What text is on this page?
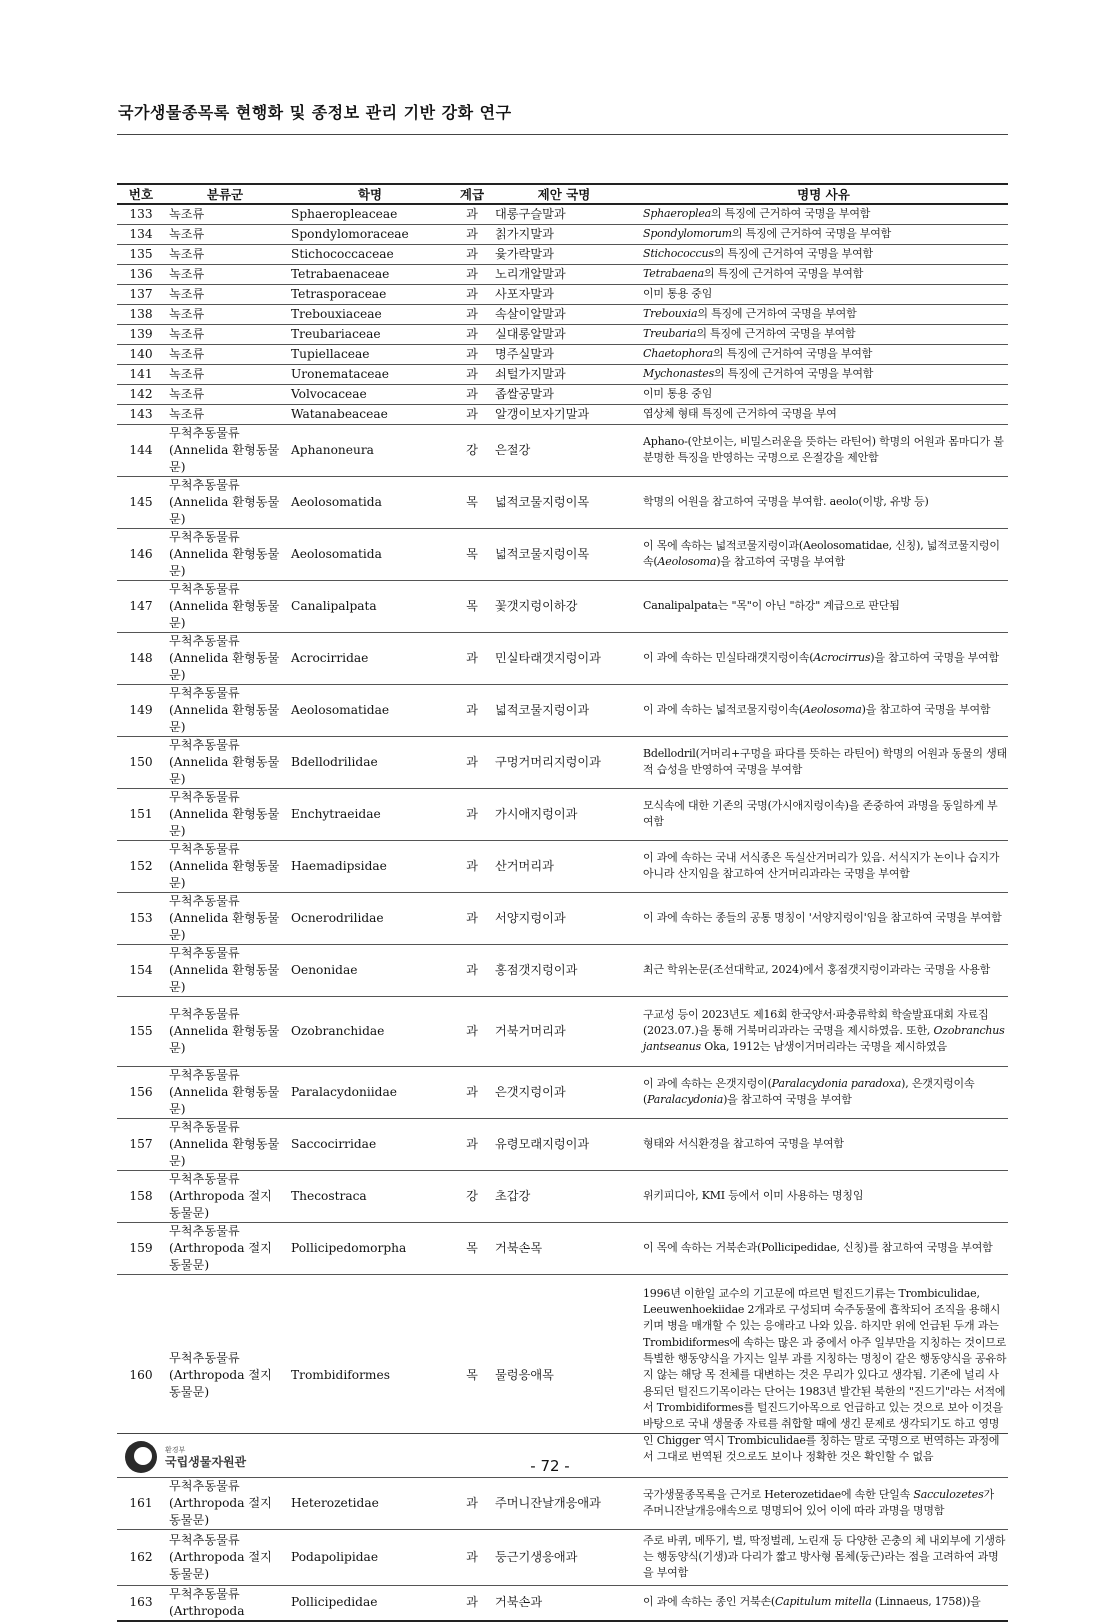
국가생물종목록 현행화 및 종정보 관리 기반 강화 연구
번호	분류군	학명	계급	제안 국명	명명 사유
133	녹조류	Sphaeropleaceae	과	대롱구슬말과	Sphaeroplea의 특징에 근거하여 국명을 부여함
134	녹조류	Spondylomoraceae	과	칡가지말과	Spondylomorum의 특징에 근거하여 국명을 부여함
135	녹조류	Stichococcaceae	과	윷가락말과	Stichococcus의 특징에 근거하여 국명을 부여함
136	녹조류	Tetrabaenaceae	과	노리개알말과	Tetrabaena의 특징에 근거하여 국명을 부여함
137	녹조류	Tetrasporaceae	과	사포자말과	이미 통용 중임
138	녹조류	Trebouxiaceae	과	속살이알말과	Trebouxia의 특징에 근거하여 국명을 부여함
139	녹조류	Treubariaceae	과	실대롱알말과	Treubaria의 특징에 근거하여 국명을 부여함
140	녹조류	Tupiellaceae	과	명주실말과	Chaetophora의 특징에 근거하여 국명을 부여함
141	녹조류	Uronemataceae	과	쇠털가지말과	Mychonastes의 특징에 근거하여 국명을 부여함
142	녹조류	Volvocaceae	과	좁쌀공말과	이미 통용 중임
143	녹조류	Watanabeaceae	과	알갱이보자기말과	엽상체 형태 특징에 근거하여 국명을 부여
144	무척추동물류(Annelida 환형동물문)	Aphanoneura	강	은절강	Aphano-(안보이는, 비밀스러운을 뜻하는 라틴어) 학명의 어원과 몸마디가 불분명한 특징을 반영하는 국명으로 은절강을 제안함
145	무척추동물류(Annelida 환형동물문)	Aeolosomatida	목	넓적코물지렁이목	학명의 어원을 참고하여 국명을 부여함. aeolo(이방, 유방 등)
146	무척추동물류(Annelida 환형동물문)	Aeolosomatida	목	넓적코물지렁이목	이 목에 속하는 넓적코물지렁이과(Aeolosomatidae, 신칭), 넓적코물지렁이속(Aeolosoma)을 참고하여 국명을 부여함
147	무척추동물류(Annelida 환형동물문)	Canalipalpata	목	꽃갯지렁이하강	Canalipalpata는 "목"이 아닌 "하강" 계급으로 판단됨
148	무척추동물류(Annelida 환형동물문)	Acrocirridae	과	민실타래갯지렁이과	이 과에 속하는 민실타래갯지렁이속(Acrocirrus)을 참고하여 국명을 부여함
149	무척추동물류(Annelida 환형동물문)	Aeolosomatidae	과	넓적코물지렁이과	이 과에 속하는 넓적코물지렁이속(Aeolosoma)을 참고하여 국명을 부여함
150	무척추동물류(Annelida 환형동물문)	Bdellodrilidae	과	구멍거머리지렁이과	Bdellodril(거머리+구멍을 파다를 뜻하는 라틴어) 학명의 어원과 동물의 생태적 습성을 반영하여 국명을 부여함
151	무척추동물류(Annelida 환형동물문)	Enchytraeidae	과	가시애지렁이과	모식속에 대한 기존의 국명(가시애지렁이속)을 존중하여 과명을 동일하게 부여함
152	무척추동물류(Annelida 환형동물문)	Haemadipsidae	과	산거머리과	이 과에 속하는 국내 서식종은 독실산거머리가 있음. 서식지가 논이나 습지가 아니라 산지임을 참고하여 산거머리과라는 국명을 부여함
153	무척추동물류(Annelida 환형동물문)	Ocnerodrilidae	과	서양지렁이과	이 과에 속하는 종들의 공통 명칭이 '서양지렁이'임을 참고하여 국명을 부여함
154	무척추동물류(Annelida 환형동물문)	Oenonidae	과	홍점갯지렁이과	최근 학위논문(조선대학교, 2024)에서 홍점갯지렁이과라는 국명을 사용함
155	무척추동물류(Annelida 환형동물문)	Ozobranchidae	과	거북거머리과	구교성 등이 2023년도 제16회 한국양서·파충류학회 학술발표대회 자료집(2023.07.)을 통해 거북머리과라는 국명을 제시하였음. 또한, Ozobranchus jantseanus Oka, 1912는 남생이거머리라는 국명을 제시하였음
156	무척추동물류(Annelida 환형동물문)	Paralacydoniidae	과	은갯지렁이과	이 과에 속하는 은갯지렁이(Paralacydonia paradoxa), 은갯지렁이속(Paralacydonia)을 참고하여 국명을 부여함
157	무척추동물류(Annelida 환형동물문)	Saccocirridae	과	유령모래지렁이과	형태와 서식환경을 참고하여 국명을 부여함
158	무척추동물류(Arthropoda 절지동물문)	Thecostraca	강	초갑강	위키피디아, KMI 등에서 이미 사용하는 명칭임
159	무척추동물류(Arthropoda 절지동물문)	Pollicipedomorpha	목	거북손목	이 목에 속하는 거북손과(Pollicipedidae, 신칭)를 참고하여 국명을 부여함
160	무척추동물류(Arthropoda 절지동물문)	Trombidiformes	목	물렁응애목	1996년 이한일 교수의 기고문에 따르면 털진드기류는 Trombiculidae, Leeuwenhoekiidae 2개과로 구성되며 숙주동물에 흡착되어 조직을 용해시키며 병을 매개할 수 있는 응애라고 나와 있음. 하지만 위에 언급된 두개 과는 Trombidiformes에 속하는 많은 과 중에서 아주 일부만을 지칭하는 것이므로 특별한 행동양식을 가지는 일부 과를 지칭하는 명칭이 같은 행동양식을 공유하지 않는 해당 목 전체를 대변하는 것은 무리가 있다고 생각됨. 기존에 널리 사용되던 털진드기목이라는 단어는 1983년 발간된 북한의 "진드기"라는 서적에서 Trombidiformes를 털진드기아목으로 언급하고 있는 것으로 보아 이것을 바탕으로 국내 생물종 자료를 취합할 때에 생긴 문제로 생각되기도 하고 영명인 Chigger 역시 Trombiculidae를 칭하는 말로 국명으로 번역하는 과정에서 그대로 번역된 것으로도 보이나 정확한 것은 확인할 수 없음
161	무척추동물류(Arthropoda 절지동물문)	Heterozetidae	과	주머니잔날개응애과	국가생물종목록을 근거로 Heterozetidae에 속한 단일속 Sacculozetes가 주머니잔날개응애속으로 명명되어 있어 이에 따라 과명을 명명함
162	무척추동물류(Arthropoda 절지동물문)	Podapolipidae	과	둥근기생응애과	주로 바퀴, 메뚜기, 벌, 딱정벌레, 노린재 등 다양한 곤충의 체 내외부에 기생하는 행동양식(기생)과 다리가 짧고 방사형 몸체(둥근)라는 점을 고려하여 과명을 부여함
163	무척추동물류(Arthropoda	Pollicipedidae	과	거북손과	이 과에 속하는 종인 거북손(Capitulum mitella (Linnaeus, 1758))을
환경부
국립생물자원관	- 72 -
